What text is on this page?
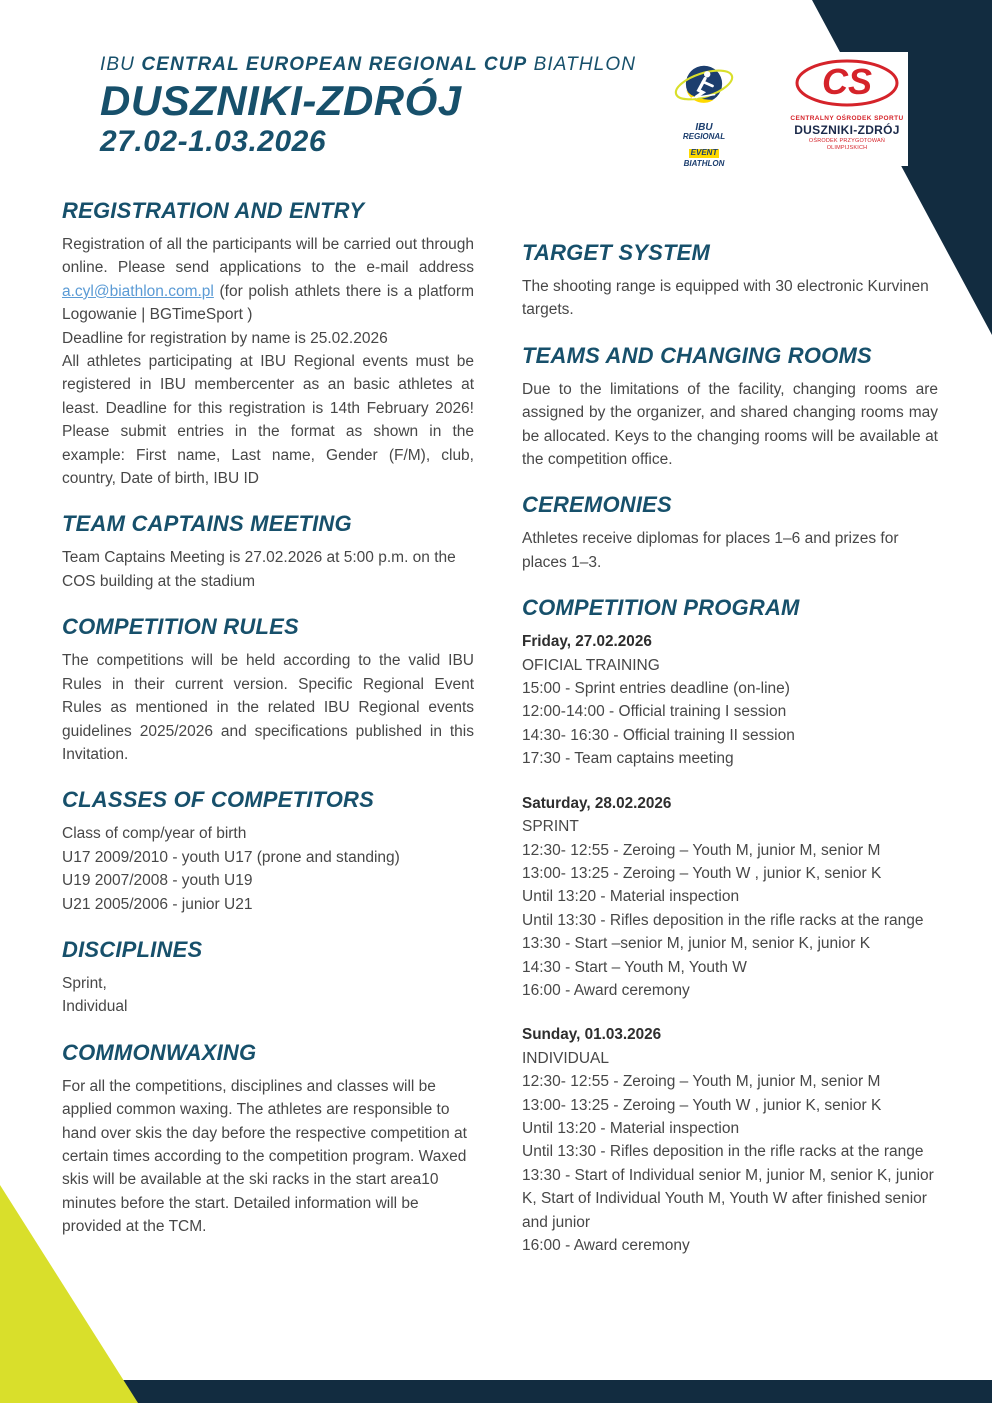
IBU CENTRAL EUROPEAN REGIONAL CUP BIATHLON
DUSZNIKI-ZDRÓJ
27.02-1.03.2026	IBU
REGIONAL
EVENT
BIATHLON
CS
CENTRALNY OŚRODEK SPORTU
DUSZNIKI-ZDRÓJ
OŚRODEK PRZYGOTOWAŃ OLIMPIJSKICH
REGISTRATION AND ENTRY

Registration of all the participants will be carried out through online. Please send applications to the e-mail address a.cyl@biathlon.com.pl (for polish athlets there is a platform Logowanie | BGTimeSport )

Deadline for registration by name is 25.02.2026

All athletes participating at IBU Regional events must be registered in IBU membercenter as an basic athletes at least. Deadline for this registration is 14th February 2026! Please submit entries in the format as shown in the example: First name, Last name, Gender (F/M), club, country, Date of birth, IBU ID

TEAM CAPTAINS MEETING

Team Captains Meeting is 27.02.2026 at 5:00 p.m. on the COS building at the stadium

COMPETITION RULES

The competitions will be held according to the valid IBU Rules in their current version. Specific Regional Event Rules as mentioned in the related IBU Regional events guidelines 2025/2026 and specifications published in this Invitation.

CLASSES OF COMPETITORS
Class of comp/year of birth
U17 2009/2010 - youth U17 (prone and standing)
U19 2007/2008 - youth U19
U21 2005/2006 - junior U21
DISCIPLINES
Sprint,
Individual
COMMONWAXING

For all the competitions, disciplines and classes will be applied common waxing. The athletes are responsible to hand over skis the day before the respective competition at certain times according to the competition program. Waxed skis will be available at the ski racks in the start area10 minutes before the start. Detailed information will be provided at the TCM.

TARGET SYSTEM

The shooting range is equipped with 30 electronic Kurvinen targets.

TEAMS AND CHANGING ROOMS

Due to the limitations of the facility, changing rooms are assigned by the organizer, and shared changing rooms may be allocated. Keys to the changing rooms will be available at the competition office.

CEREMONIES

Athletes receive diplomas for places 1–6 and prizes for places 1–3.

COMPETITION PROGRAM
Friday, 27.02.2026
OFICIAL TRAINING
15:00 - Sprint entries deadline (on-line)
12:00-14:00 - Official training I session
14:30- 16:30 - Official training II session
17:30 - Team captains meeting
Saturday, 28.02.2026
SPRINT
12:30- 12:55 - Zeroing – Youth M, junior M, senior M
13:00- 13:25 - Zeroing – Youth W , junior K, senior K
Until 13:20 - Material inspection
Until 13:30 - Rifles deposition in the rifle racks at the range
13:30 - Start –senior M, junior M, senior K, junior K
14:30 - Start – Youth M, Youth W
16:00 - Award ceremony
Sunday, 01.03.2026
INDIVIDUAL
12:30- 12:55 - Zeroing – Youth M, junior M, senior M
13:00- 13:25 - Zeroing – Youth W , junior K, senior K
Until 13:20 - Material inspection
Until 13:30 - Rifles deposition in the rifle racks at the range
13:30 - Start of Individual senior M, junior M, senior K, junior K, Start of Individual Youth M, Youth W after finished senior and junior
16:00 - Award ceremony
